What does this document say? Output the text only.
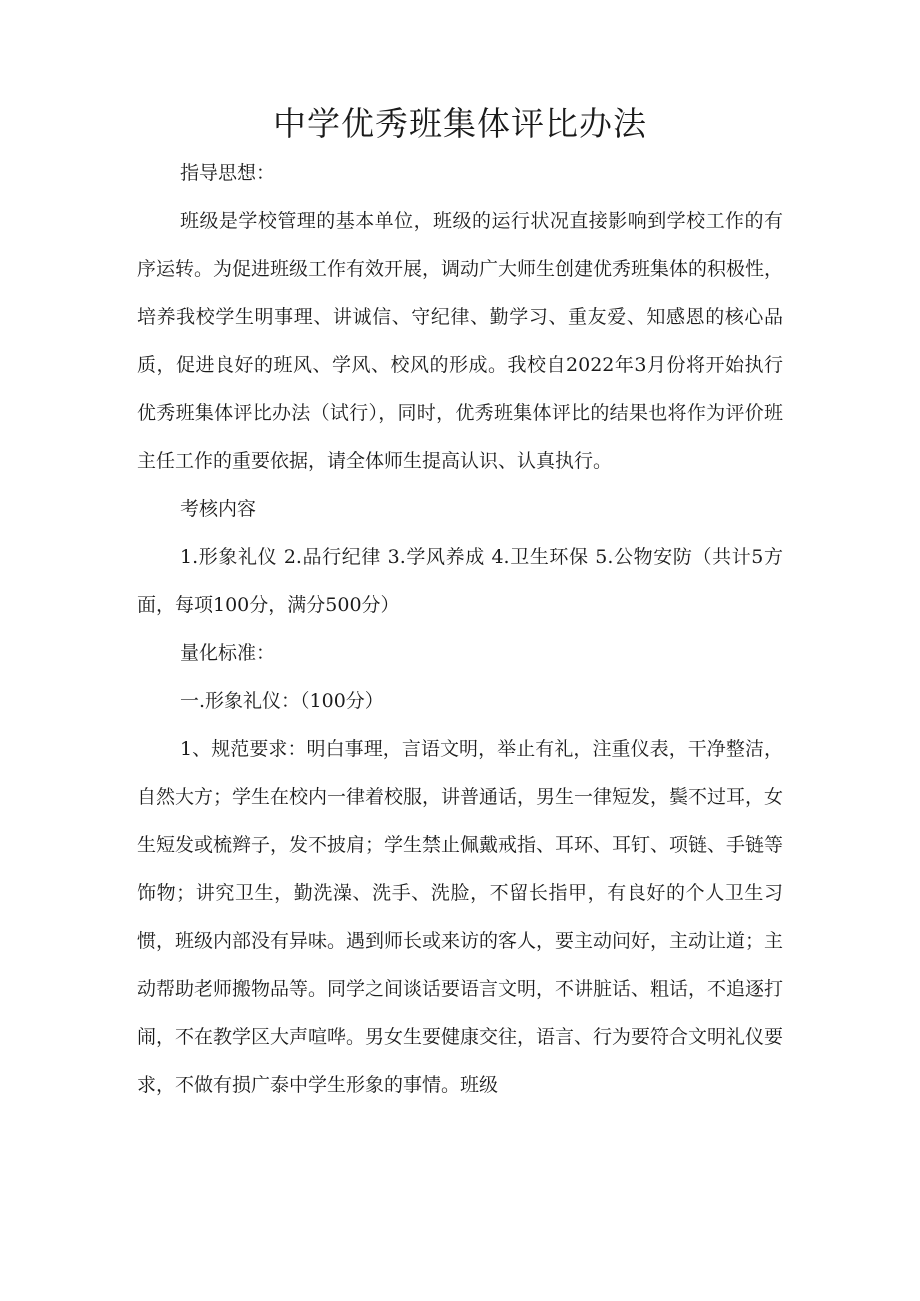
中学优秀班集体评比办法

指导思想：

班级是学校管理的基本单位，班级的运行状况直接影响到学校工作的有序运转。为促进班级工作有效开展，调动广大师生创建优秀班集体的积极性，培养我校学生明事理、讲诚信、守纪律、勤学习、重友爱、知感恩的核心品质，促进良好的班风、学风、校风的形成。我校自2022年3月份将开始执行优秀班集体评比办法（试行），同时，优秀班集体评比的结果也将作为评价班主任工作的重要依据，请全体师生提高认识、认真执行。

考核内容

1.形象礼仪 2.品行纪律 3.学风养成 4.卫生环保 5.公物安防（共计5方面，每项100分，满分500分）

量化标准：

一.形象礼仪：（100分）

1、规范要求：明白事理，言语文明，举止有礼，注重仪表，干净整洁，自然大方；学生在校内一律着校服，讲普通话，男生一律短发，鬓不过耳，女生短发或梳辫子，发不披肩；学生禁止佩戴戒指、耳环、耳钉、项链、手链等饰物；讲究卫生，勤洗澡、洗手、洗脸，不留长指甲，有良好的个人卫生习惯，班级内部没有异味。遇到师长或来访的客人，要主动问好，主动让道；主动帮助老师搬物品等。同学之间谈话要语言文明，不讲脏话、粗话，不追逐打闹，不在教学区大声喧哗。男女生要健康交往，语言、行为要符合文明礼仪要求，不做有损广泰中学生形象的事情。班级
